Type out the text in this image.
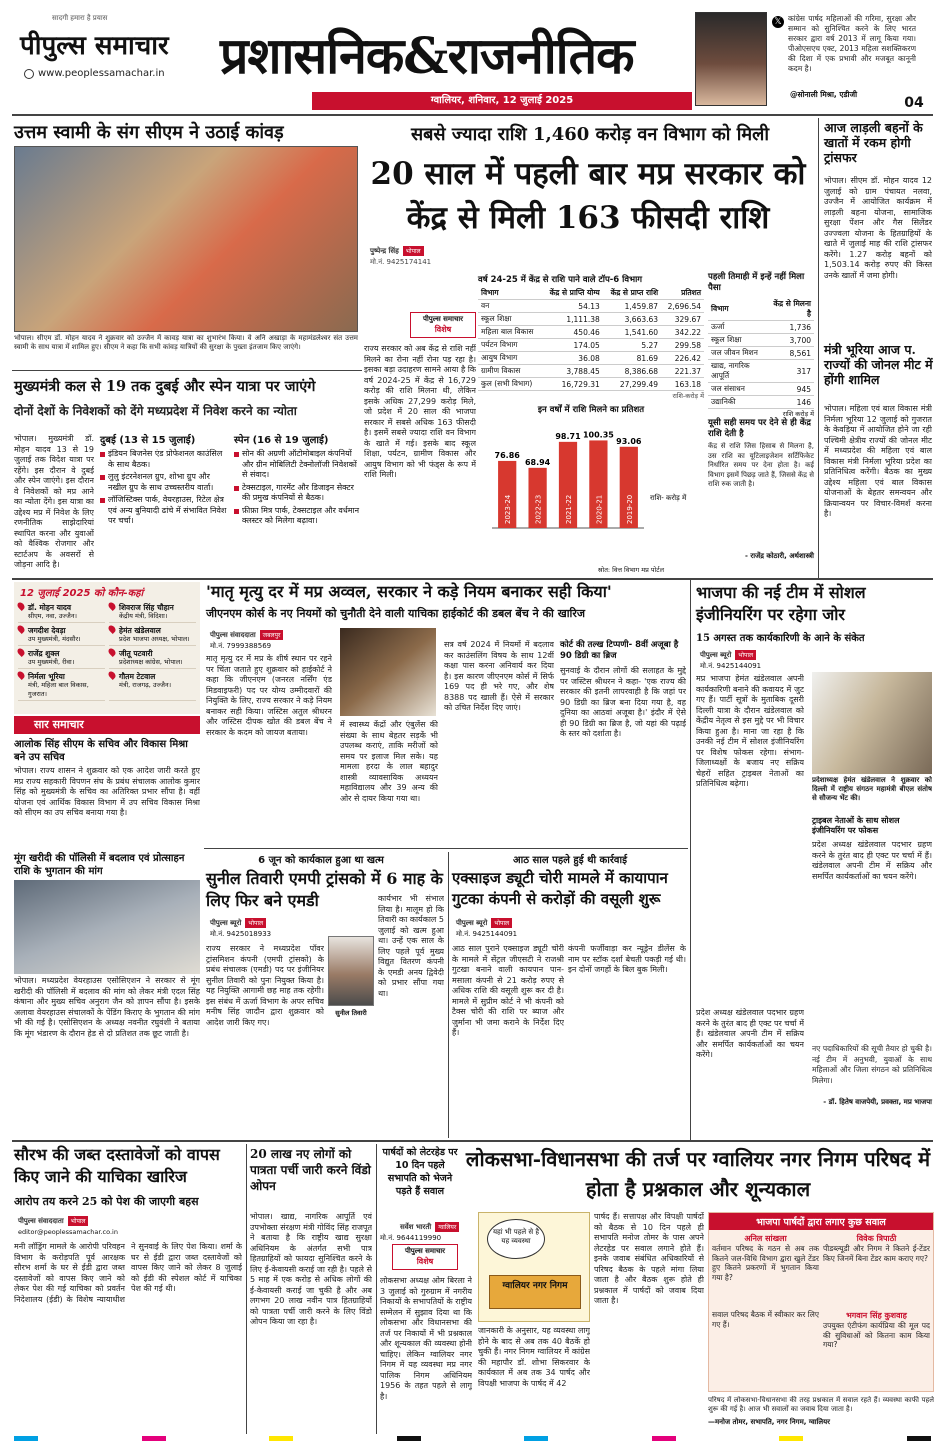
सादगी हमारा है प्रयास
पीपुल्स समाचार
www.peoplessamachar.in प्रशासनिक&राजनीतिक
ग्वालियर, शनिवार, 12 जुलाई 2025
𝕏 कांग्रेस पार्षद महिलाओं की गरिमा, सुरक्षा और सम्मान को सुनिश्चित करने के लिए भारत सरकार द्वारा वर्ष 2013 में लागू किया गया। पीओएसएच एक्ट, 2013 महिला सशक्तिकरण की दिशा में एक प्रभावी और मजबूत कानूनी कदम है।
@सोनाली मिश्रा, एडीजी
04
उत्तम स्वामी के संग सीएम ने उठाई कांवड़
भोपाल। सीएम डॉ. मोहन यादव ने शुक्रवार को उज्जैन में कावड़ यात्रा का शुभारंभ किया। वे अनि अखाड़ा के महामंडलेश्वर संत उत्तम स्वामी के साथ यात्रा में शामिल हुए। सीएम ने कहा कि सभी कांवड़ यात्रियों की सुरक्षा के पुख्ता इंतजाम किए जाएंगे।
सबसे ज्यादा राशि 1,460 करोड़ वन विभाग को मिली
20 साल में पहली बार मप्र सरकार को केंद्र से मिली 163 फीसदी राशि
पुष्पेन्द्र सिंह	भोपाल
मो.नं. 9425174141
पीपुल्स समाचार
विशेष
राज्य सरकार को अब केंद्र से राशि नहीं मिलने का रोना नहीं रोना पड़ रहा है। इसका बड़ा उदाहरण सामने आया है कि वर्ष 2024-25 में केंद्र से 16,729 करोड़ की राशि मिलना थी, लेकिन इसके अधिक 27,299 करोड़ मिले, जो प्रदेश में 20 साल की भाजपा सरकार में सबसे अधिक 163 फीसदी है। इसमें सबसे ज्यादा राशि वन विभाग के खाते में गई। इसके बाद स्कूल शिक्षा, पर्यटन, ग्रामीण विकास और आयुष विभाग को भी फंड्स के रूप में राशि मिली।
वर्ष 24-25 में केंद्र से राशि पाने वाले टॉप-6 विभाग
विभाग	केंद्र से प्राप्ति योग्य	केंद्र से प्राप्त राशि	प्रतिशत
वन	54.13	1,459.87	2,696.54
स्कूल शिक्षा	1,111.38	3,663.63	329.67
महिला बाल विकास	450.46	1,541.60	342.22
पर्यटन विभाग	174.05	5.27	299.58
आयुष विभाग	36.08	81.69	226.42
ग्रामीण विकास	3,788.45	8,386.68	221.37
कुल (सभी विभाग)	16,729.31	27,299.49	163.18
राशि-करोड़ में
इन वर्षों में राशि मिलने का प्रतिशत
76.86
2023-24
68.94
2022-23
98.71
2021-22
100.35
2020-21
93.06
2019-20 राशि- करोड़ में
स्रोत: वित्त विभाग मप्र पोर्टल
पहली तिमाही में इन्हें नहीं मिला पैसा
विभाग	केंद्र से मिलना है
ऊर्जा	1,736
स्कूल शिक्षा	3,700
जल जीवन मिशन	8,561
खाद्य, नागरिक आपूर्ति	317
जल संसाधन	945
उद्यानिकी	146
राशि करोड़ में
यूसी सही समय पर देने से ही केंद्र राशि देती है
केंद्र से राशि जिस हिसाब से मिलना है, उस राशि का यूटिलाइजेशन सर्टिफिकेट निर्धारित समय पर देना होता है। कई विभाग इसमें पिछड़ जाते हैं, जिससे केंद्र से राशि रुक जाती है।
- राजेंद्र कोठारी, अर्थशास्त्री
आज लाड़ली बहनों के खातों में रकम होगी ट्रांसफर
भोपाल। सीएम डॉ. मोहन यादव 12 जुलाई को ग्राम पंचायत नलवा, उज्जैन में आयोजित कार्यक्रम में लाड़ली बहना योजना, सामाजिक सुरक्षा पेंशन और गैस सिलेंडर उज्ज्वला योजना के हितग्राहियों के खाते में जुलाई माह की राशि ट्रांसफर करेंगे। 1.27 करोड़ बहनों को 1,503.14 करोड़ रुपए की किस्त उनके खातों में जमा होगी।
मंत्री भूरिया आज प. राज्यों की जोनल मीट में होंगी शामिल
भोपाल। महिला एवं बाल विकास मंत्री निर्मला भूरिया 12 जुलाई को गुजरात के केवड़िया में आयोजित होने जा रही पश्चिमी क्षेत्रीय राज्यों की जोनल मीट में मध्यप्रदेश की महिला एवं बाल विकास मंत्री निर्मला भूरिया प्रदेश का प्रतिनिधित्व करेंगी। बैठक का मुख्य उद्देश्य महिला एवं बाल विकास योजनाओं के बेहतर समन्वयन और क्रियान्वयन पर विचार-विमर्श करना है।
मुख्यमंत्री कल से 19 तक दुबई और स्पेन यात्रा पर जाएंगे
दोनों देशों के निवेशकों को देंगे मध्यप्रदेश में निवेश करने का न्योता
भोपाल। मुख्यमंत्री डॉ. मोहन यादव 13 से 19 जुलाई तक विदेश यात्रा पर रहेंगे। इस दौरान वे दुबई और स्पेन जाएंगे। इस दौरान वे निवेशकों को मप्र आने का न्योता देंगे। इस यात्रा का उद्देश्य मप्र में निवेश के लिए रणनीतिक साझेदारियां स्थापित करना और युवाओं को वैश्विक रोजगार और स्टार्टअप के अवसरों से जोड़ना आदि है।
दुबई (13 से 15 जुलाई)
इंडियन बिजनेस एंड प्रोफेशनल काउंसिल के साथ बैठक।
लुलु इंटरनेशनल ग्रुप, शोभा ग्रुप और नखील ग्रुप के साथ उच्चस्तरीय वार्ता।
लॉजिस्टिक्स पार्क, वेयरहाउस, रिटेल क्षेत्र एवं अन्य बुनियादी ढांचे में संभावित निवेश पर चर्चा।
स्पेन (16 से 19 जुलाई)
सोन की अग्रणी ऑटोमोबाइल कंपनियों और ग्रीन मोबिलिटी टेक्नोलॉजी निवेशकों से संवाद।
टेक्सटाइल, गारमेंट और डिजाइन सेक्टर की प्रमुख कंपनियों से बैठक।
फ़ीफ़ा मित्र पार्क, टेक्सटाइल और वर्धमान क्लस्टर को मिलेगा बढ़ावा।
12 जुलाई 2025 को कौन-कहां
डॉ. मोहन यादव
सीएम, नवा, उज्जैन।
शिवराज सिंह चौहान
केंद्रीय मंत्री, विदिशा।
जगदीश देवड़ा
उप मुख्यमंत्री, मंदसौर।
हेमंत खंडेलवाल
प्रदेश भाजपा अध्यक्ष, भोपाल।
राजेंद्र शुक्ल
उप मुख्यमंत्री, रीवा।
जीतू पटवारी
प्रदेशाध्यक्ष कांग्रेस, भोपाल।
निर्मला भूरिया
मंत्री, महिला बाल विकास, गुजरात।
गौतम टेटवाल
मंत्री, राजगढ़, उज्जैन।
सार समाचार
आलोक सिंह सीएम के सचिव और विकास मिश्रा बने उप सचिव
भोपाल। राज्य शासन ने शुक्रवार को एक आदेश जारी करते हुए मप्र राज्य सहकारी विपणन संघ के प्रबंध संचालक आलोक कुमार सिंह को मुख्यमंत्री के सचिव का अतिरिक्त प्रभार सौंपा है। वहीं योजना एवं आर्थिक विकास विभाग में उप सचिव विकास मिश्रा को सीएम का उप सचिव बनाया गया है।
मूंग खरीदी की पॉलिसी में बदलाव एवं प्रोत्साहन राशि के भुगतान की मांग
भोपाल। मध्यप्रदेश वेयरहाउस एसोसिएशन ने सरकार से मूंग खरीदी की पॉलिसी में बदलाव की मांग को लेकर मंत्री एदल सिंह कंषाना और मुख्य सचिव अनुराग जैन को ज्ञापन सौंपा है। इसके अलावा वेयरहाउस संचालकों के पेंडिंग किराए के भुगतान की मांग भी की गई है। एसोसिएशन के अध्यक्ष नवनीत रघुवंशी ने बताया कि मूंग भंडारण के दौरान हेड से दो प्रतिशत तक छूट जाती है।
'मातृ मृत्यु दर में मप्र अव्वल, सरकार ने कड़े नियम बनाकर सही किया'
जीएनएम कोर्स के नए नियमों को चुनौती देने वाली याचिका हाईकोर्ट की डबल बेंच ने की खारिज
पीपुल्स संवाददाता	जबलपुर
मो.नं. 7999388569
मातृ मृत्यु दर में मप्र के शीर्ष स्थान पर रहने पर चिंता जताते हुए शुक्रवार को हाईकोर्ट ने कहा कि जीएनएम (जनरल नर्सिंग एंड मिडवाइफरी) पद पर योग्य उम्मीदवारों की नियुक्ति के लिए, राज्य सरकार ने कड़े नियम बनाकर सही किया। जस्टिस अतुल श्रीधरन और जस्टिस दीपक खोत की डबल बेंच ने सरकार के कदम को जायज बताया।
में स्वास्थ्य केंद्रों और एंबुलेंस की संख्या के साथ बेहतर सड़कें भी उपलब्ध कराएं, ताकि मरीजों को समय पर इलाज मिल सके। यह मामला हरदा के लाल बहादुर शास्त्री व्यावसायिक अध्ययन महाविद्यालय और 39 अन्य की ओर से दायर किया गया था।
सत्र वर्ष 2024 में नियमों में बदलाव कर काउंसलिंग विषय के साथ 12वीं कक्षा पास करना अनिवार्य कर दिया है। इस कारण जीएनएम कोर्स में सिर्फ 169 पद ही भरे गए, और शेष 8388 पद खाली हैं। ऐसे में सरकार को उचित निर्देश दिए जाएं।
कोर्ट की तल्ख टिप्पणी- 8वीं अजूबा है 90 डिग्री का ब्रिज
सुनवाई के दौरान लोगों की सलाहत के मुद्दे पर जस्टिस श्रीधरन ने कहा- 'एक राज्य की सरकार की इतनी लापरवाही है कि जहां पर 90 डिग्री का ब्रिज बना दिया गया है, वह दुनिया का आठवां अजूबा है।' इंदौर में ऐसे ही 90 डिग्री का ब्रिज है, जो यहां की पढ़ाई के स्तर को दर्शाता है।
भाजपा की नई टीम में सोशल इंजीनियरिंग पर रहेगा जोर
15 अगस्त तक कार्यकारिणी के आने के संकेत
पीपुल्स ब्यूरो	भोपाल
मो.नं. 9425144091
मप्र भाजपा हेमंत खंडेलवाल अपनी कार्यकारिणी बनाने की कवायद में जुट गए हैं। पार्टी सूत्रों के मुताबिक दूसरी दिल्ली यात्रा के दौरान खंडेलवाल को केंद्रीय नेतृत्व से इस मुद्दे पर भी विचार किया हुआ है। माना जा रहा है कि उनकी नई टीम में सोशल इंजीनियरिंग पर विशेष फोकस रहेगा। संभाग-जिलाध्यक्षों के बजाय नए सक्रिय चेहरों सहित ट्राइबल नेताओं का प्रतिनिधित्व बढ़ेगा।	प्रदेशाध्यक्ष हेमंत खंडेलवाल ने शुक्रवार को दिल्ली में राष्ट्रीय संगठन महामंत्री बीएल संतोष से सौजन्य भेंट की।
ट्राइबल नेताओं के साथ सोशल इंजीनियरिंग पर फोकस
प्रदेश अध्यक्ष खंडेलवाल पदभार ग्रहण करने के तुरंत बाद ही एक्ट पर चर्चा में हैं। खंडेलवाल अपनी टीम में सक्रिय और समर्पित कार्यकर्ताओं का चयन करेंगे।
नए पदाधिकारियों की सूची तैयार हो चुकी है। नई टीम में अनुभवी, युवाओं के साथ महिलाओं और जिला संगठन को प्रतिनिधित्व मिलेगा।
- डॉ. हितेष वाजपेयी, प्रवक्ता, मप्र भाजपा
प्रदेश अध्यक्ष खंडेलवाल पदभार ग्रहण करने के तुरंत बाद ही एक्ट पर चर्चा में हैं। खंडेलवाल अपनी टीम में सक्रिय और समर्पित कार्यकर्ताओं का चयन करेंगे।
6 जून को कार्यकाल हुआ था खत्म
सुनील तिवारी एमपी ट्रांसको में 6 माह के लिए फिर बने एमडी
पीपुल्स ब्यूरो	भोपाल
मो.नं. 9425018933
राज्य सरकार ने मध्यप्रदेश पॉवर ट्रांसमिशन कंपनी (एमपी ट्रांसको) के प्रबंध संचालक (एमडी) पद पर इंजीनियर सुनील तिवारी को पुनः नियुक्त किया है। यह नियुक्ति आगामी छह माह तक रहेगी। इस संबंध में ऊर्जा विभाग के अपर सचिव मनीष सिंह जादौन द्वारा शुक्रवार को आदेश जारी किए गए।
सुनील तिवारी
कार्यभार भी संभाल लिया है। मालूम हो कि तिवारी का कार्यकाल 5 जुलाई को खत्म हुआ था। उन्हें एक साल के लिए पहले पूर्व मुख्य विद्युत वितरण कंपनी के एमडी अनय द्विवेदी को प्रभार सौंपा गया था।
आठ साल पहले हुई थी कार्रवाई
एक्साइज ड्यूटी चोरी मामले में कायापान गुटका कंपनी से करोड़ों की वसूली शुरू
पीपुल्स ब्यूरो	भोपाल
मो.नं. 9425144091
आठ साल पुराने एक्साइज ड्यूटी चोरी के मामले में सेंट्रल जीएसटी ने राजश्री गुटखा बनाने वाली कायपान पान-मसाला कंपनी से 21 करोड़ रुपए से अधिक राशि की वसूली शुरू कर दी है। मामले में सुप्रीम कोर्ट ने भी कंपनी को टैक्स चोरी की राशि पर ब्याज और जुर्माना भी जमा कराने के निर्देश दिए हैं।
कंपनी फर्जीवाड़ा कर न्यूड्रेन डीलेंस के नाम पर स्टॉक दर्शा बेचती पकड़ी गई थी। इन दोनों जगहों के बिल बुक मिली।
सौरभ की जब्त दस्तावेजों को वापस किए जाने की याचिका खारिज
आरोप तय करने 25 को पेश की जाएगी बहस
पीपुल्स संवाददाता	भोपाल
editor@peoplessamachar.co.in
मनी लॉड्रिंग मामले के आरोपी परिवहन विभाग के करोड़पति पूर्व आरक्षक सौरभ शर्मा के घर से ईडी द्वारा जब्त दस्तावेजों को वापस किए जाने को लेकर पेश की गई याचिका को प्रवर्तन निदेशालय (ईडी) के विशेष न्यायाधीश ने सुनवाई के लिए पेश किया। शर्मा के घर से ईडी द्वारा जब्त दस्तावेजों को वापस किए जाने को लेकर 8 जुलाई को ईडी की स्पेशल कोर्ट में याचिका पेश की गई थी।
20 लाख नए लोगों को पात्रता पर्ची जारी करने विंडो ओपन
भोपाल। खाद्य, नागरिक आपूर्ति एवं उपभोक्ता संरक्षण मंत्री गोविंद सिंह राजपूत ने बताया है कि राष्ट्रीय खाद्य सुरक्षा अधिनियम के अंतर्गत सभी पात्र हितग्राहियों को फायदा सुनिश्चित करने के लिए ई-केवायसी कराई जा रही है। पहले से 5 माह में एक करोड़ से अधिक लोगों की ई-केवायसी कराई जा चुकी है और अब लगभग 20 लाख नवीन पात्र हितग्राहियों को पात्रता पर्ची जारी करने के लिए विंडो ओपन किया जा रहा है।
पार्षदों को लेटरहेड पर 10 दिन पहले सभापति को भेजने पड़ते हैं सवाल
लोकसभा-विधानसभा की तर्ज पर ग्वालियर नगर निगम परिषद में होता है प्रश्नकाल और शून्यकाल
सर्वेश भारती	ग्वालियर
मो.नं. 9644119990
पीपुल्स समाचार
विशेष
लोकसभा अध्यक्ष ओम बिरला ने 3 जुलाई को गुरुग्राम में नगरीय निकायों के सभापतियों के राष्ट्रीय सम्मेलन में सुझाव दिया था कि लोकसभा और विधानसभा की तर्ज पर निकायों में भी प्रश्नकाल और शून्यकाल की व्यवस्था होनी चाहिए। लेकिन ग्वालियर नगर निगम में यह व्यवस्था मप्र नगर पालिक निगम अधिनियम 1956 के तहत पहले से लागू है।
यहां भी पहले से है यह व्यवस्था
ग्वालियर नगर निगम
जानकारी के अनुसार, यह व्यवस्था लागू होने के बाद से अब तक 40 बैठकें हो चुकी हैं। नगर निगम ग्वालियर में कांग्रेस की महापौर डॉ. शोभा सिकरवार के कार्यकाल में अब तक 34 पार्षद और विपक्षी भाजपा के पार्षद में 42
पार्षद हैं। सत्तापक्ष और विपक्षी पार्षदों को बैठक से 10 दिन पहले ही सभापति मनोज तोमर के पास अपने लेटरहेड पर सवाल लगाने होते हैं। इनके जवाब संबंधित अधिकारियों से परिषद बैठक के पहले मांगा लिया जाता है और बैठक शुरू होते ही प्रश्नकाल में पार्षदों को जवाब दिया जाता है।
भाजपा पार्षदों द्वारा लगाए कुछ सवाल
अनिल सांखला
वर्तमान परिषद के गठन से अब तक कितने जल-विधि विभाग द्वारा खुले टेंडर हुए कितने प्रकरणों में भुगतान किया गया है?
सवाल परिषद बैठक में स्वीकार कर लिए गए हैं।
विवेक त्रिपाठी
पीडब्ल्यूडी और निगम ने कितने ई-टेंडर किए जिनमें बिना टेंडर काम कराए गए?
भगवान सिंह कुशवाह
उपयुक्त एंटीफंग कार्यप्रिया की मूल पद की सुविधाओं को कितना काम किया गया?
परिषद में लोकसभा-विधानसभा की तरह प्रश्नकाल में सवाल रहते हैं। व्यवस्था काफी पहले शुरू की गई है। आज भी सवालों का जवाब दिया जाता है।
—मनोज तोमर, सभापति, नगर निगम, ग्वालियर
